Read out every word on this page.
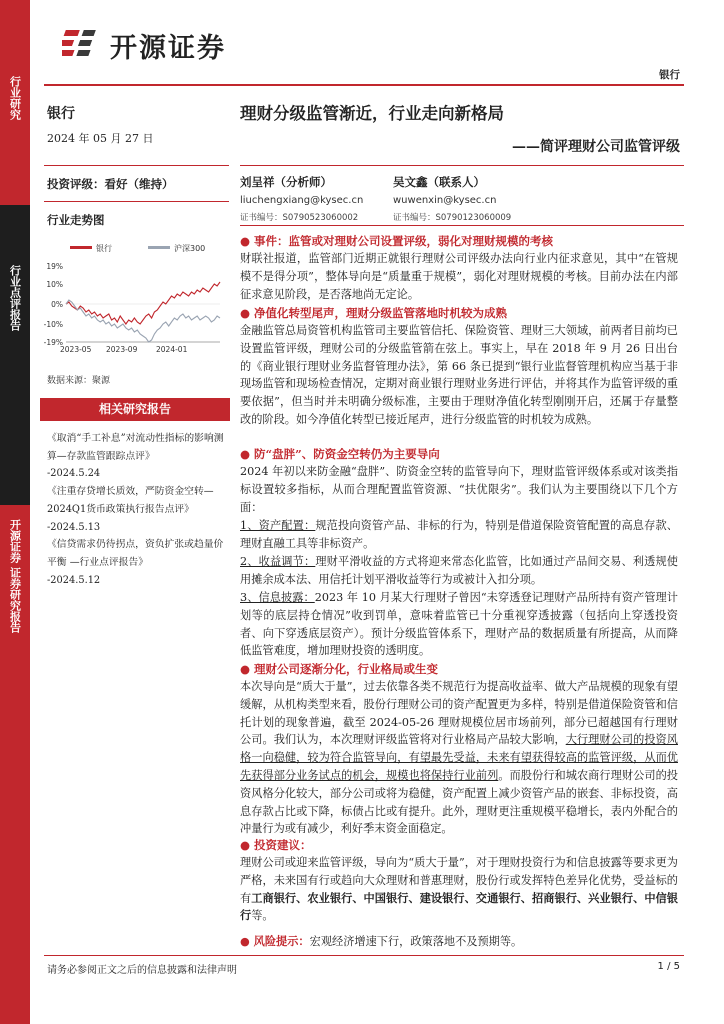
行业研究
行业点评报告
开源证券 证券研究报告
开源证券
银行
银行
2024 年 05 月 27 日
投资评级：看好（维持）
行业走势图
银行	沪深300
19%
10%
0%
-10%
-19%
2023-05 2023-09 2024-01
数据来源：聚源
相关研究报告
《取消“手工补息”对流动性指标的影响测算—存款监管跟踪点评》
-2024.5.24
《注重存贷增长质效，严防资金空转—2024Q1货币政策执行报告点评》
-2024.5.13
《信贷需求仍待拐点，资负扩张或趋量价平衡 —行业点评报告》
-2024.5.12
理财分级监管渐近，行业走向新格局
——简评理财公司监管评级
刘呈祥（分析师）
liuchengxiang@kysec.cn
证书编号：S0790523060002
吴文鑫（联系人）
wuwenxin@kysec.cn
证书编号：S0790123060009
● 事件：监管或对理财公司设置评级，弱化对理财规模的考核
财联社报道，监管部门近期正就银行理财公司评级办法向行业内征求意见，其中“在管规模不是得分项”，整体导向是“质量重于规模”，弱化对理财规模的考核。目前办法在内部征求意见阶段，是否落地尚无定论。
● 净值化转型尾声，理财分级监管落地时机较为成熟
金融监管总局资管机构监管司主要监管信托、保险资管、理财三大领域，前两者目前均已设置监管评级，理财公司的分级监管箭在弦上。事实上，早在 2018 年 9 月 26 日出台的《商业银行理财业务监督管理办法》，第 66 条已提到“银行业监督管理机构应当基于非现场监管和现场检查情况，定期对商业银行理财业务进行评估，并将其作为监管评级的重要依据”，但当时并未明确分级标准，主要由于理财净值化转型刚刚开启，还属于存量整改的阶段。如今净值化转型已接近尾声，进行分级监管的时机较为成熟。
● 防“盘胖”、防资金空转仍为主要导向
2024 年初以来防金融“盘胖”、防资金空转的监管导向下，理财监管评级体系或对该类指标设置较多指标，从而合理配置监管资源、“扶优限劣”。我们认为主要围绕以下几个方面：
1、资产配置：规范投向资管产品、非标的行为，特别是借道保险资管配置的高息存款、理财直融工具等非标资产。
2、收益调节：理财平滑收益的方式将迎来常态化监管，比如通过产品间交易、利透规使用摊余成本法、用信托计划平滑收益等行为或被计入扣分项。
3、信息披露：2023 年 10 月某大行理财子曾因“未穿透登记理财产品所持有资产管理计划等的底层持仓情况”收到罚单，意味着监管已十分重视穿透披露（包括向上穿透投资者、向下穿透底层资产）。预计分级监管体系下，理财产品的数据质量有所提高，从而降低监管难度，增加理财投资的透明度。
● 理财公司逐渐分化，行业格局或生变
本次导向是“质大于量”，过去依靠各类不规范行为提高收益率、做大产品规模的现象有望缓解，从机构类型来看，股份行理财公司的资产配置更为多样，特别是借道保险资管和信托计划的现象普遍，截至 2024-05-26 理财规模位居市场前列，部分已超越国有行理财公司。我们认为，本次理财评级监管将对行业格局产品较大影响，大行理财公司的投资风格一向稳健，较为符合监管导向，有望最先受益，未来有望获得较高的监管评级，从而优先获得部分业务试点的机会，规模也将保持行业前列。而股份行和城农商行理财公司的投资风格分化较大，部分公司或将为稳健，资产配置上减少资管产品的嵌套、非标投资，高息存款占比或下降，标债占比或有提升。此外，理财更注重规模平稳增长，表内外配合的冲量行为或有减少，利好季末资金面稳定。
● 投资建议：
理财公司或迎来监管评级，导向为“质大于量”，对于理财投资行为和信息披露等要求更为严格，未来国有行或趋向大众理财和普惠理财，股份行或发挥特色差异化优势，受益标的有工商银行、农业银行、中国银行、建设银行、交通银行、招商银行、兴业银行、中信银行等。
● 风险提示：宏观经济增速下行，政策落地不及预期等。
请务必参阅正文之后的信息披露和法律声明	1 / 5
